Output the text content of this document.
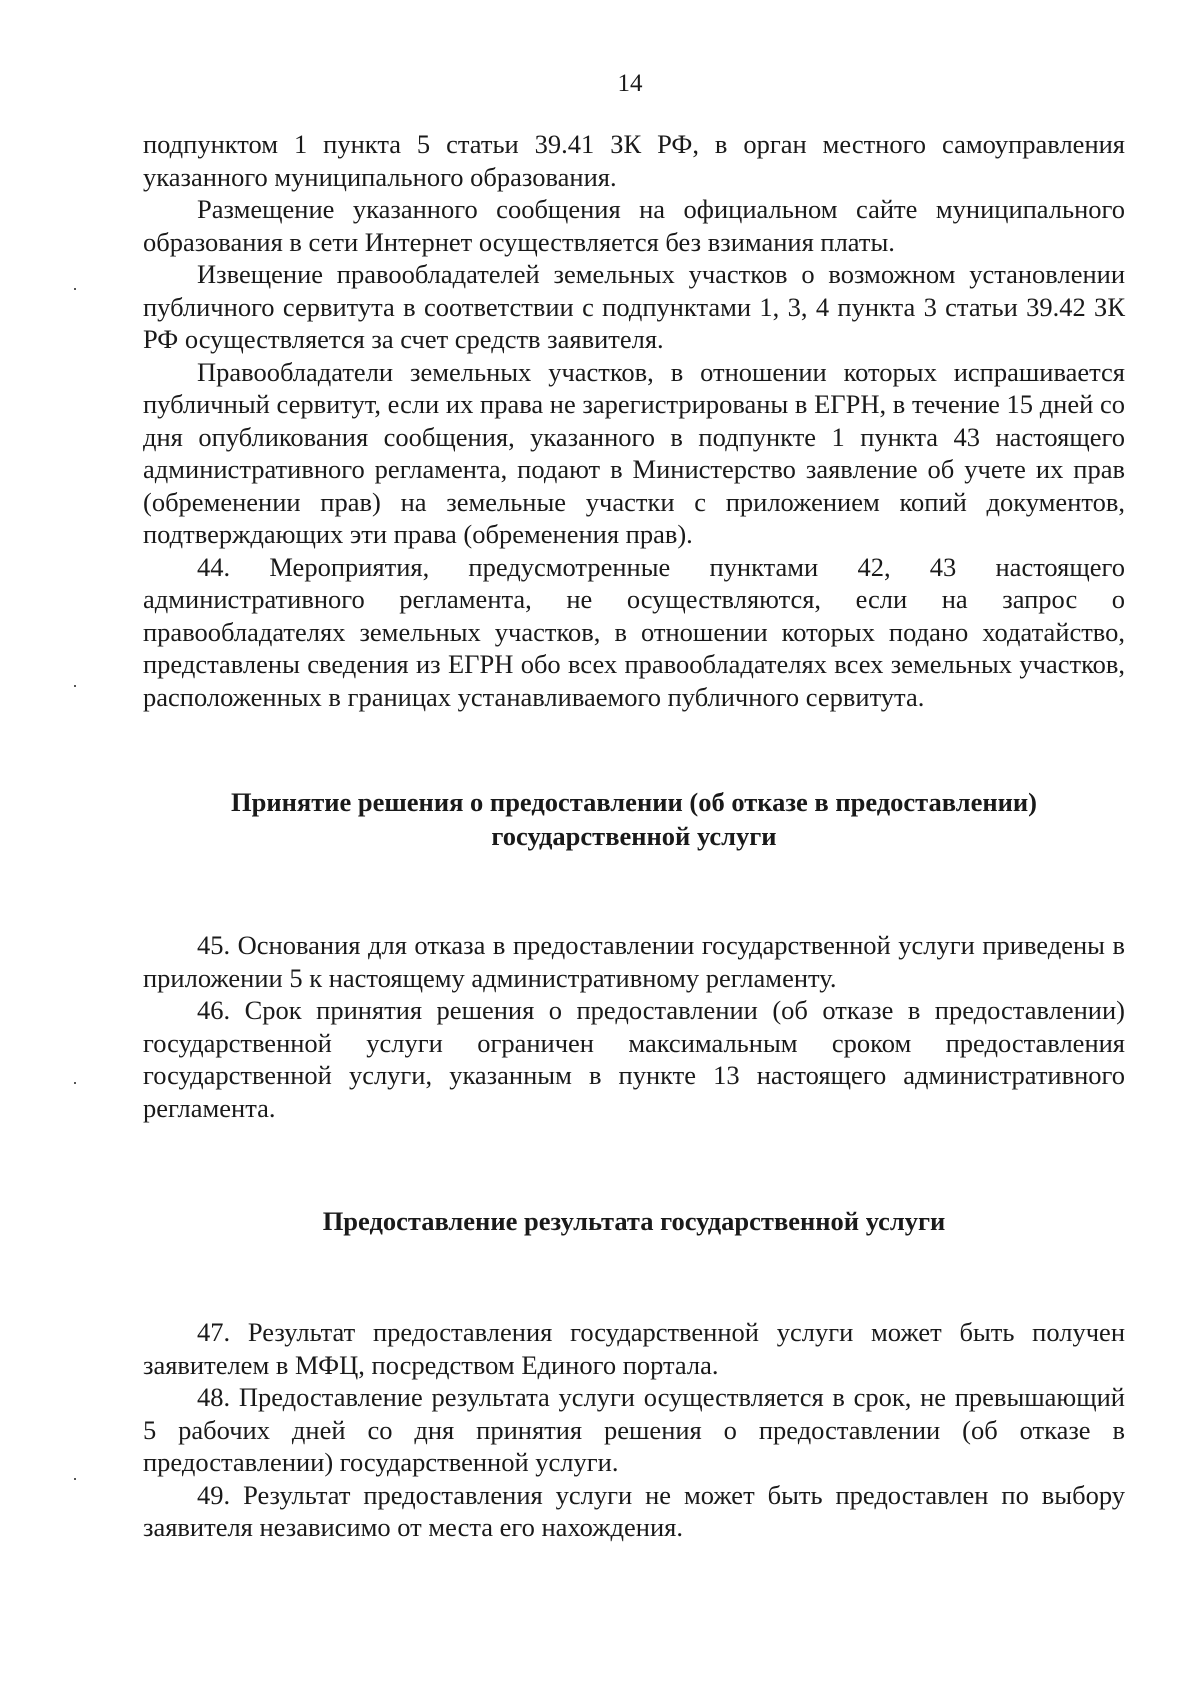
14

подпунктом 1 пункта 5 статьи 39.41 ЗК РФ, в орган местного самоуправления указанного муниципального образования.

Размещение указанного сообщения на официальном сайте муниципального образования в сети Интернет осуществляется без взимания платы.

Извещение правообладателей земельных участков о возможном установлении публичного сервитута в соответствии с подпунктами 1, 3, 4 пункта 3 статьи 39.42 ЗК РФ осуществляется за счет средств заявителя.

Правообладатели земельных участков, в отношении которых испрашивается публичный сервитут, если их права не зарегистрированы в ЕГРН, в течение 15 дней со дня опубликования сообщения, указанного в подпункте 1 пункта 43 настоящего административного регламента, подают в Министерство заявление об учете их прав (обременении прав) на земельные участки с приложением копий документов, подтверждающих эти права (обременения прав).

44. Мероприятия, предусмотренные пунктами 42, 43 настоящего административного регламента, не осуществляются, если на запрос о правообладателях земельных участков, в отношении которых подано ходатайство, представлены сведения из ЕГРН обо всех правообладателях всех земельных участков, расположенных в границах устанавливаемого публичного сервитута.

Принятие решения о предоставлении (об отказе в предоставлении)
государственной услуги

45. Основания для отказа в предоставлении государственной услуги приведены в приложении 5 к настоящему административному регламенту.

46. Срок принятия решения о предоставлении (об отказе в предоставлении) государственной услуги ограничен максимальным сроком предоставления государственной услуги, указанным в пункте 13 настоящего административного регламента.

Предоставление результата государственной услуги

47. Результат предоставления государственной услуги может быть получен заявителем в МФЦ, посредством Единого портала.

48. Предоставление результата услуги осуществляется в срок, не превышающий 5 рабочих дней со дня принятия решения о предоставлении (об отказе в предоставлении) государственной услуги.

49. Результат предоставления услуги не может быть предоставлен по выбору заявителя независимо от места его нахождения.
